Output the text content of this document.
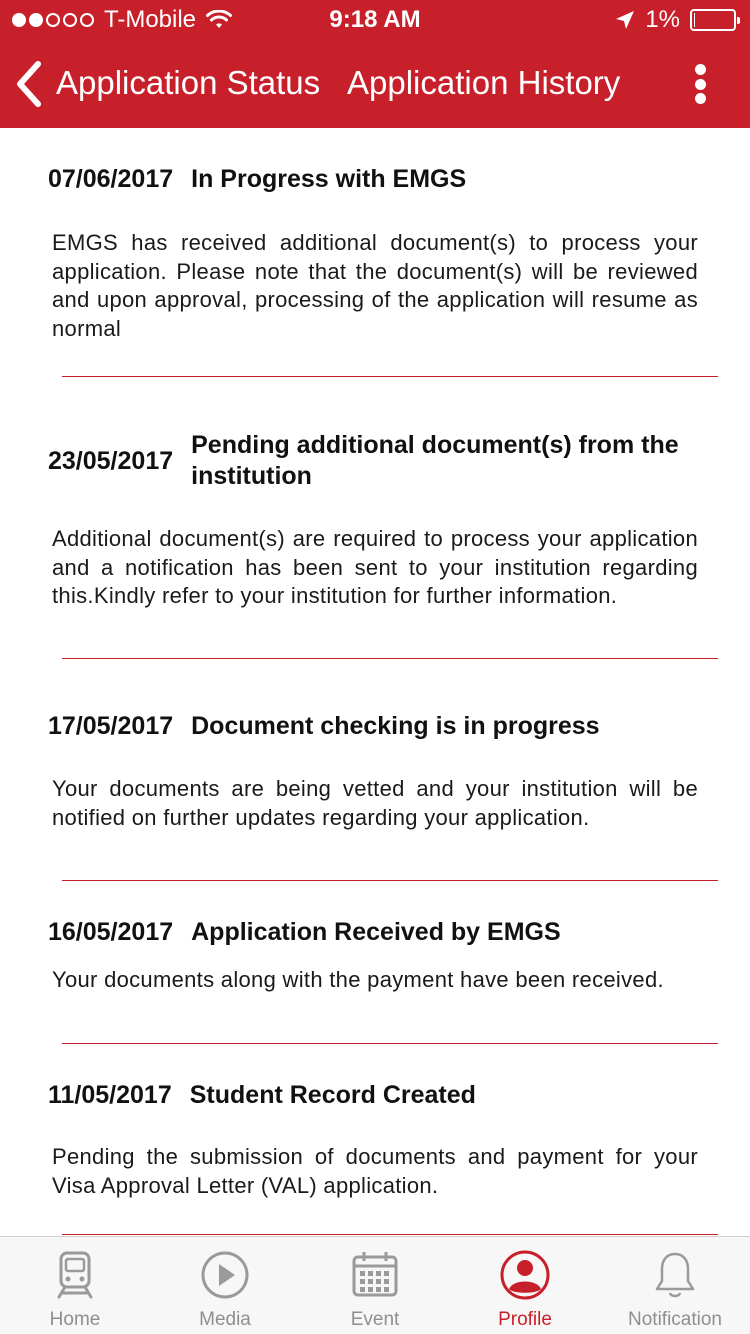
T-Mobile	9:18 AM	1%
Application Status Application History
07/06/2017 In Progress with EMGS
EMGS has received additional document(s) to process your application. Please note that the document(s) will be reviewed and upon approval, processing of the application will resume as normal
23/05/2017
Pending additional document(s) from the institution
Additional document(s) are required to process your application and a notification has been sent to your institution regarding this.Kindly refer to your institution for further information.
17/05/2017 Document checking is in progress
Your documents are being vetted and your institution will be notified on further updates regarding your application.
16/05/2017 Application Received by EMGS
Your documents along with the payment have been received.
11/05/2017 Student Record Created
Pending the submission of documents and payment for your Visa Approval Letter (VAL) application.
Home	Media	Event	Profile	Notification
